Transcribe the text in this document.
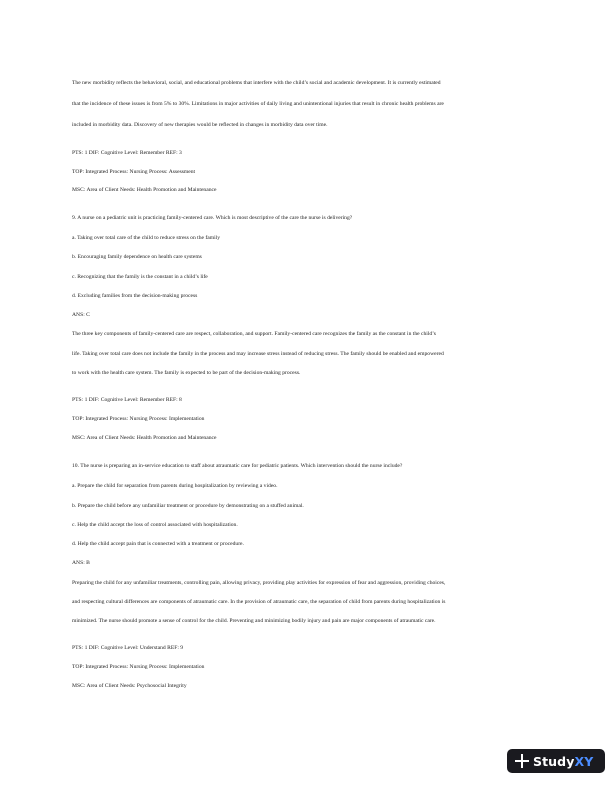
The new morbidity reflects the behavioral, social, and educational problems that interfere with the child’s social and academic development. It is currently estimated

that the incidence of these issues is from 5% to 30%. Limitations in major activities of daily living and unintentional injuries that result in chronic health problems are

included in morbidity data. Discovery of new therapies would be reflected in changes in morbidity data over time.

PTS: 1 DIF: Cognitive Level: Remember REF: 3

TOP: Integrated Process: Nursing Process: Assessment

MSC: Area of Client Needs: Health Promotion and Maintenance

9. A nurse on a pediatric unit is practicing family-centered care. Which is most descriptive of the care the nurse is delivering?

a. Taking over total care of the child to reduce stress on the family

b. Encouraging family dependence on health care systems

c. Recognizing that the family is the constant in a child’s life

d. Excluding families from the decision-making process

ANS: C

The three key components of family-centered care are respect, collaboration, and support. Family-centered care recognizes the family as the constant in the child’s

life. Taking over total care does not include the family in the process and may increase stress instead of reducing stress. The family should be enabled and empowered

to work with the health care system. The family is expected to be part of the decision-making process.

PTS: 1 DIF: Cognitive Level: Remember REF: 8

TOP: Integrated Process: Nursing Process: Implementation

MSC: Area of Client Needs: Health Promotion and Maintenance

10. The nurse is preparing an in-service education to staff about atraumatic care for pediatric patients. Which intervention should the nurse include?

a. Prepare the child for separation from parents during hospitalization by reviewing a video.

b. Prepare the child before any unfamiliar treatment or procedure by demonstrating on a stuffed animal.

c. Help the child accept the loss of control associated with hospitalization.

d. Help the child accept pain that is connected with a treatment or procedure.

ANS: B

Preparing the child for any unfamiliar treatments, controlling pain, allowing privacy, providing play activities for expression of fear and aggression, providing choices,

and respecting cultural differences are components of atraumatic care. In the provision of atraumatic care, the separation of child from parents during hospitalization is

minimized. The nurse should promote a sense of control for the child. Preventing and minimizing bodily injury and pain are major components of atraumatic care.

PTS: 1 DIF: Cognitive Level: Understand REF: 9

TOP: Integrated Process: Nursing Process: Implementation

MSC: Area of Client Needs: Psychosocial Integrity

StudyXY
